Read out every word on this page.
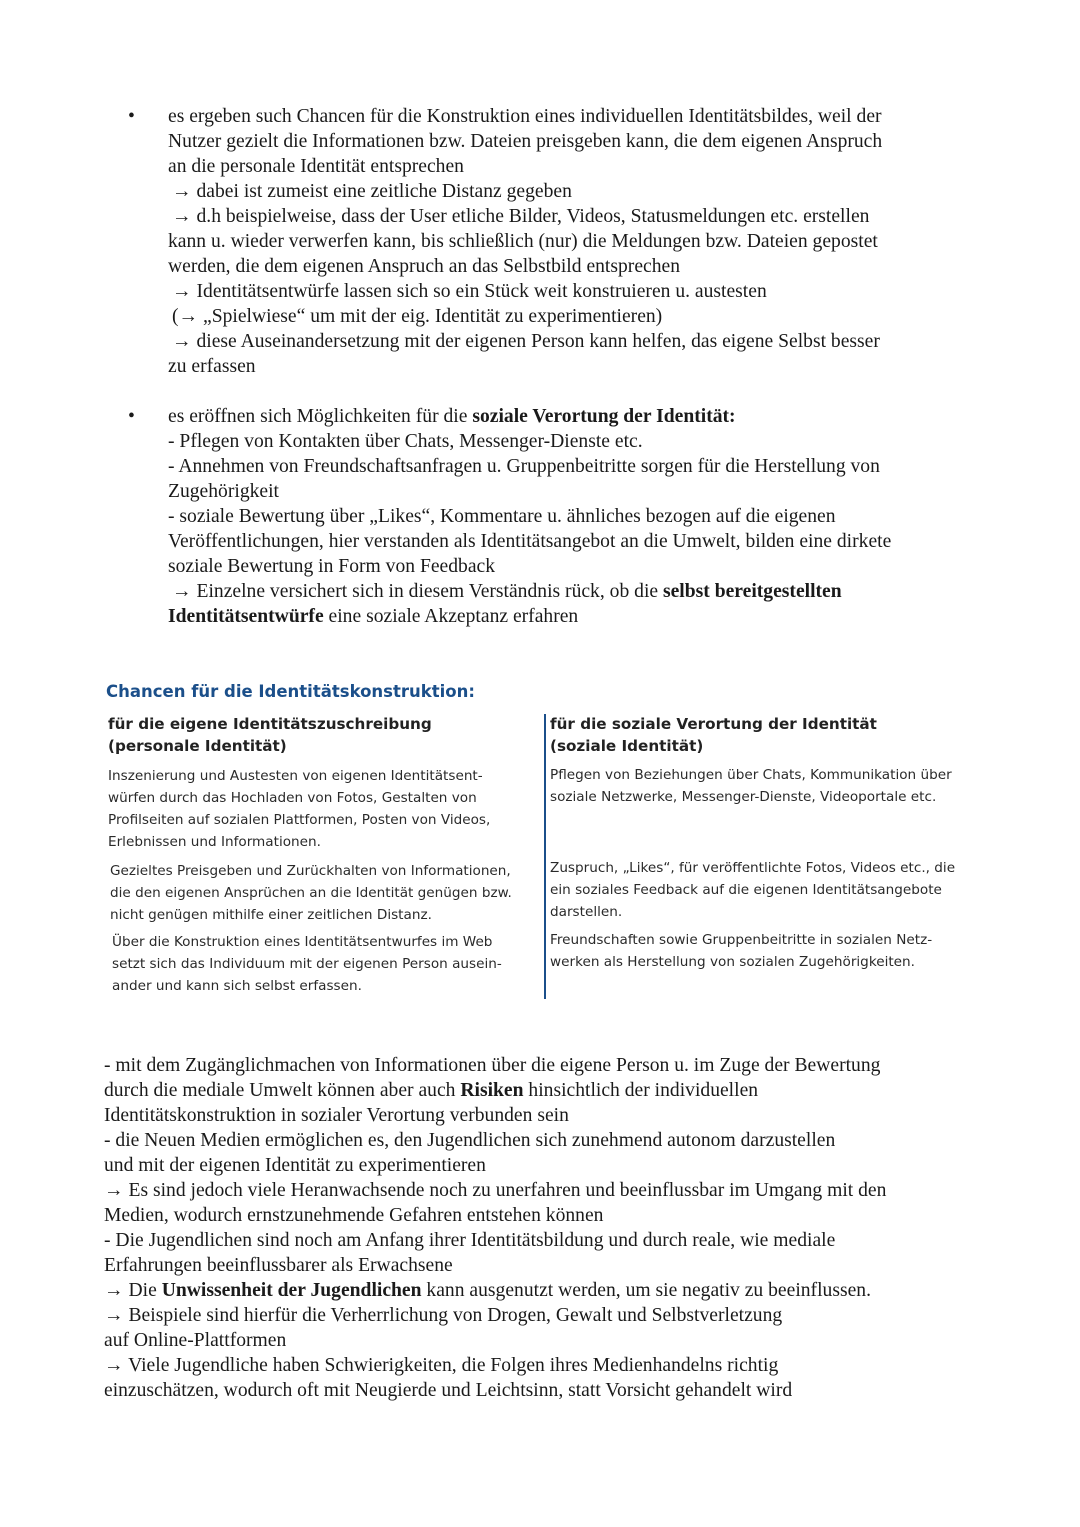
• es ergeben such Chancen für die Konstruktion eines individuellen Identitätsbildes, weil der
Nutzer gezielt die Informationen bzw. Dateien preisgeben kann, die dem eigenen Anspruch
an die personale Identität entsprechen
→ dabei ist zumeist eine zeitliche Distanz gegeben
→ d.h beispielweise, dass der User etliche Bilder, Videos, Statusmeldungen etc. erstellen
kann u. wieder verwerfen kann, bis schließlich (nur) die Meldungen bzw. Dateien gepostet
werden, die dem eigenen Anspruch an das Selbstbild entsprechen
→ Identitätsentwürfe lassen sich so ein Stück weit konstruieren u. austesten
(→ „Spielwiese“ um mit der eig. Identität zu experimentieren)
→ diese Auseinandersetzung mit der eigenen Person kann helfen, das eigene Selbst besser
zu erfassen
• es eröffnen sich Möglichkeiten für die soziale Verortung der Identität:
- Pflegen von Kontakten über Chats, Messenger-Dienste etc.
- Annehmen von Freundschaftsanfragen u. Gruppenbeitritte sorgen für die Herstellung von
Zugehörigkeit
- soziale Bewertung über „Likes“, Kommentare u. ähnliches bezogen auf die eigenen
Veröffentlichungen, hier verstanden als Identitätsangebot an die Umwelt, bilden eine dirkete
soziale Bewertung in Form von Feedback
→ Einzelne versichert sich in diesem Verständnis rück, ob die selbst bereitgestellten
Identitätsentwürfe eine soziale Akzeptanz erfahren
Chancen für die Identitätskonstruktion:
für die eigene Identitätszuschreibung
(personale Identität)
für die soziale Verortung der Identität
(soziale Identität)
Inszenierung und Austesten von eigenen Identitätsent-
würfen durch das Hochladen von Fotos, Gestalten von
Profilseiten auf sozialen Plattformen, Posten von Videos,
Erlebnissen und Informationen.
Gezieltes Preisgeben und Zurückhalten von Informationen,
die den eigenen Ansprüchen an die Identität genügen bzw.
nicht genügen mithilfe einer zeitlichen Distanz.
Über die Konstruktion eines Identitätsentwurfes im Web
setzt sich das Individuum mit der eigenen Person ausein-
ander und kann sich selbst erfassen.
Pflegen von Beziehungen über Chats, Kommunikation über
soziale Netzwerke, Messenger-Dienste, Videoportale etc.
Zuspruch, „Likes“, für veröffentlichte Fotos, Videos etc., die
ein soziales Feedback auf die eigenen Identitätsangebote
darstellen.
Freundschaften sowie Gruppenbeitritte in sozialen Netz-
werken als Herstellung von sozialen Zugehörigkeiten.
- mit dem Zugänglichmachen von Informationen über die eigene Person u. im Zuge der Bewertung
durch die mediale Umwelt können aber auch Risiken hinsichtlich der individuellen
Identitätskonstruktion in sozialer Verortung verbunden sein
- die Neuen Medien ermöglichen es, den Jugendlichen sich zunehmend autonom darzustellen
und mit der eigenen Identität zu experimentieren
→ Es sind jedoch viele Heranwachsende noch zu unerfahren und beeinflussbar im Umgang mit den
Medien, wodurch ernstzunehmende Gefahren entstehen können
- Die Jugendlichen sind noch am Anfang ihrer Identitätsbildung und durch reale, wie mediale
Erfahrungen beeinflussbarer als Erwachsene
→ Die Unwissenheit der Jugendlichen kann ausgenutzt werden, um sie negativ zu beeinflussen.
→ Beispiele sind hierfür die Verherrlichung von Drogen, Gewalt und Selbstverletzung
auf Online-Plattformen
→ Viele Jugendliche haben Schwierigkeiten, die Folgen ihres Medienhandelns richtig
einzuschätzen, wodurch oft mit Neugierde und Leichtsinn, statt Vorsicht gehandelt wird
